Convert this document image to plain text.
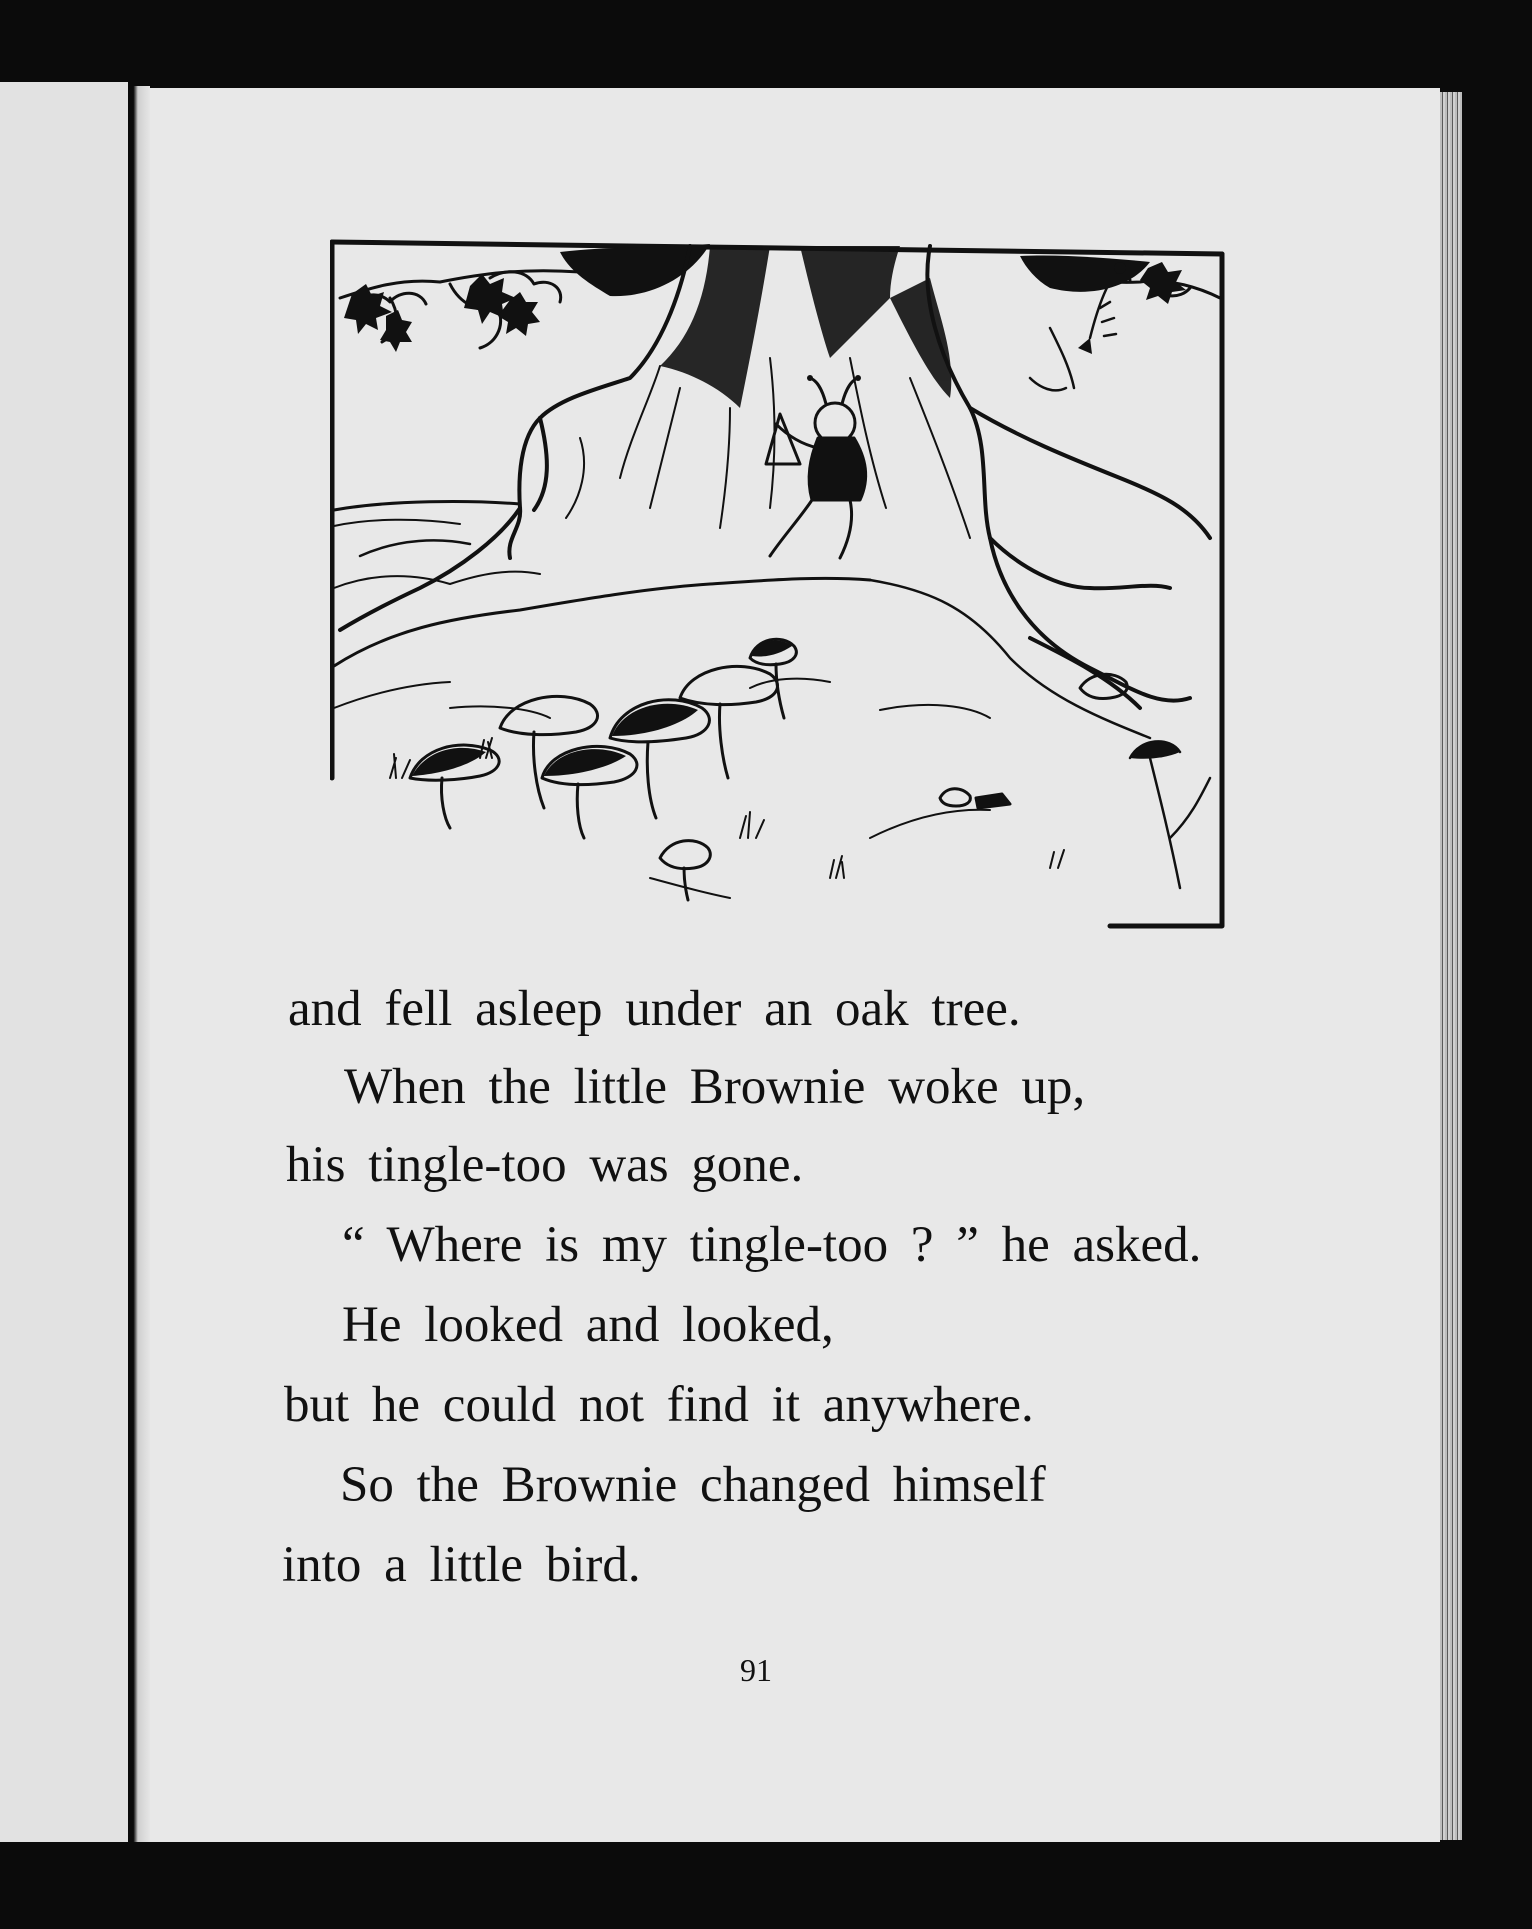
and fell asleep under an oak tree.
When the little Brownie woke up,
his tingle-too was gone.
“ Where is my tingle-too ? ” he asked.
He looked and looked,
but he could not find it anywhere.
So the Brownie changed himself
into a little bird.
91
